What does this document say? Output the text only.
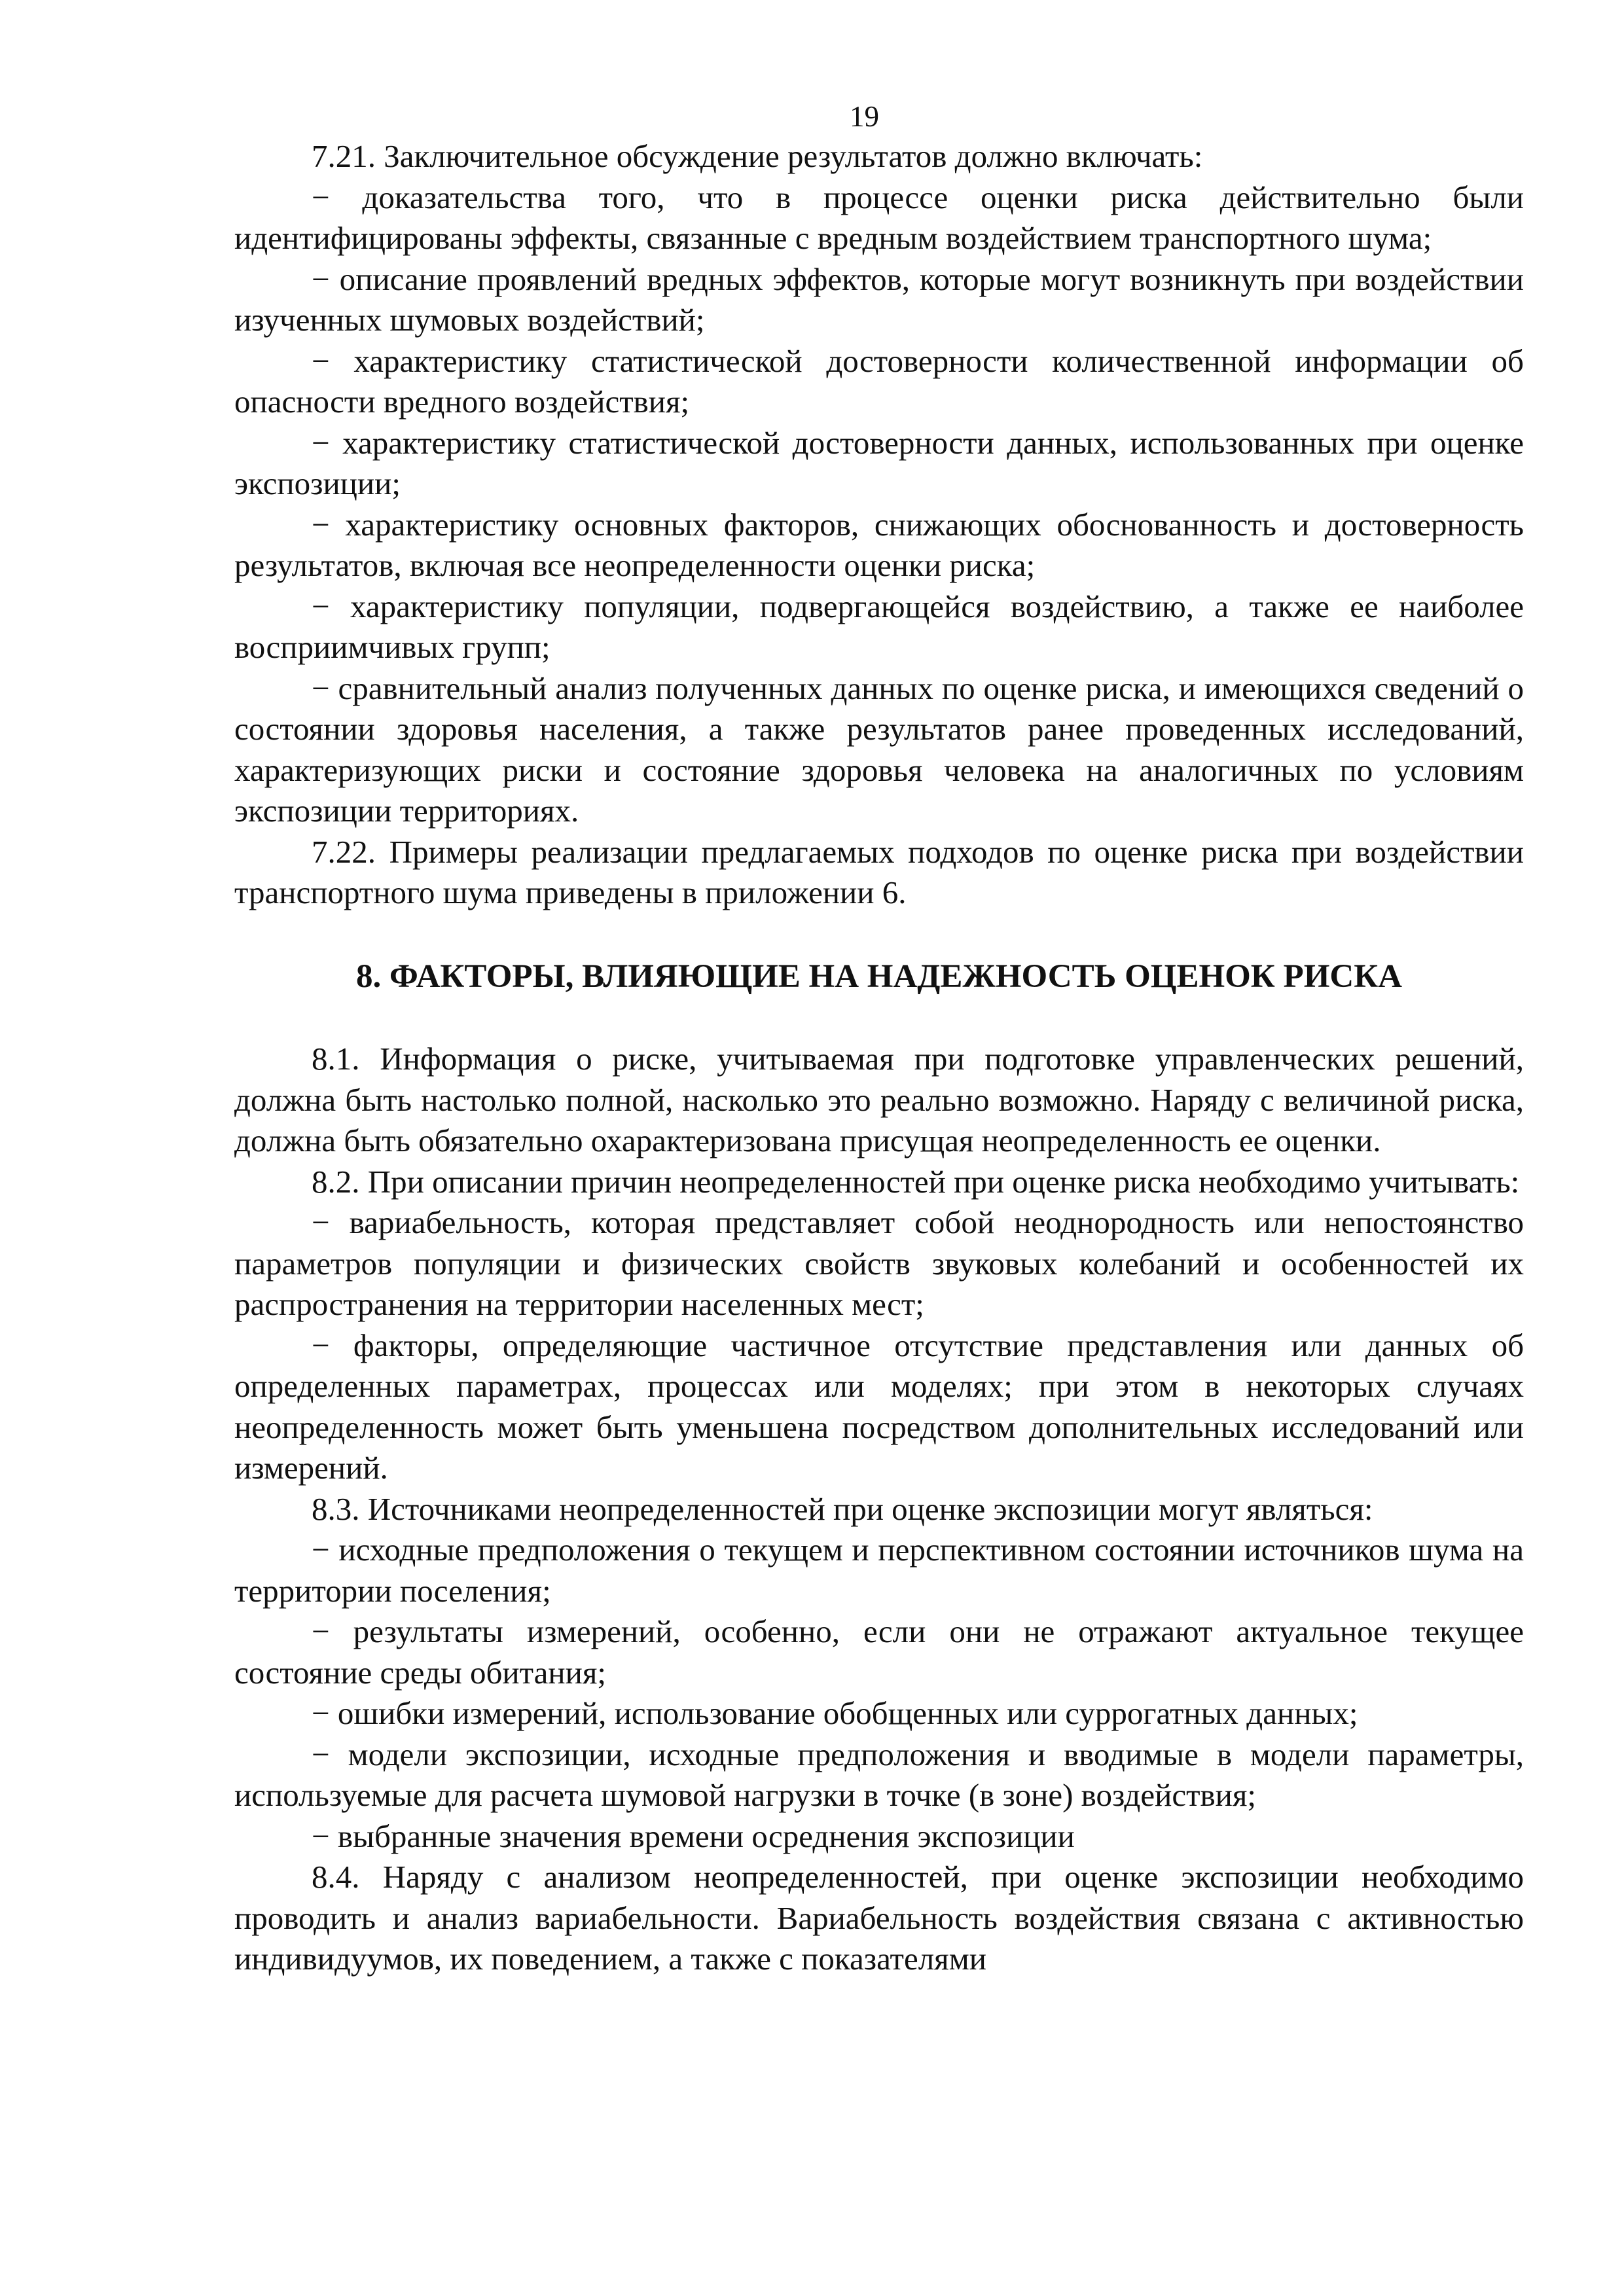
19

7.21. Заключительное обсуждение результатов должно включать:

− доказательства того, что в процессе оценки риска действительно были идентифицированы эффекты, связанные с вредным воздействием транспортного шума;

− описание проявлений вредных эффектов, которые могут возникнуть при воздействии изученных шумовых воздействий;

− характеристику статистической достоверности количественной информации об опасности вредного воздействия;

− характеристику статистической достоверности данных, использованных при оценке экспозиции;

− характеристику основных факторов, снижающих обоснованность и достоверность результатов, включая все неопределенности оценки риска;

− характеристику популяции, подвергающейся воздействию, а также ее наиболее восприимчивых групп;

− сравнительный анализ полученных данных по оценке риска, и имеющихся сведений о состоянии здоровья населения, а также результатов ранее проведенных исследований, характеризующих риски и состояние здоровья человека на аналогичных по условиям экспозиции территориях.

7.22. Примеры реализации предлагаемых подходов по оценке риска при воздействии транспортного шума приведены в приложении 6.

8. ФАКТОРЫ, ВЛИЯЮЩИЕ НА НАДЕЖНОСТЬ ОЦЕНОК РИСКА

8.1. Информация о риске, учитываемая при подготовке управленческих решений, должна быть настолько полной, насколько это реально возможно. Наряду с величиной риска, должна быть обязательно охарактеризована присущая неопределенность ее оценки.

8.2. При описании причин неопределенностей при оценке риска необходимо учитывать:

− вариабельность, которая представляет собой неоднородность или непостоянство параметров популяции и физических свойств звуковых колебаний и особенностей их распространения на территории населенных мест;

− факторы, определяющие частичное отсутствие представления или данных об определенных параметрах, процессах или моделях; при этом в некоторых случаях неопределенность может быть уменьшена посредством дополнительных исследований или измерений.

8.3. Источниками неопределенностей при оценке экспозиции могут являться:

− исходные предположения о текущем и перспективном состоянии источников шума на территории поселения;

− результаты измерений, особенно, если они не отражают актуальное текущее состояние среды обитания;

− ошибки измерений, использование обобщенных или суррогатных данных;

− модели экспозиции, исходные предположения и вводимые в модели параметры, используемые для расчета шумовой нагрузки в точке (в зоне) воздействия;

− выбранные значения времени осреднения экспозиции

8.4. Наряду с анализом неопределенностей, при оценке экспозиции необходимо проводить и анализ вариабельности. Вариабельность воздействия связана с активностью индивидуумов, их поведением, а также с показателями
